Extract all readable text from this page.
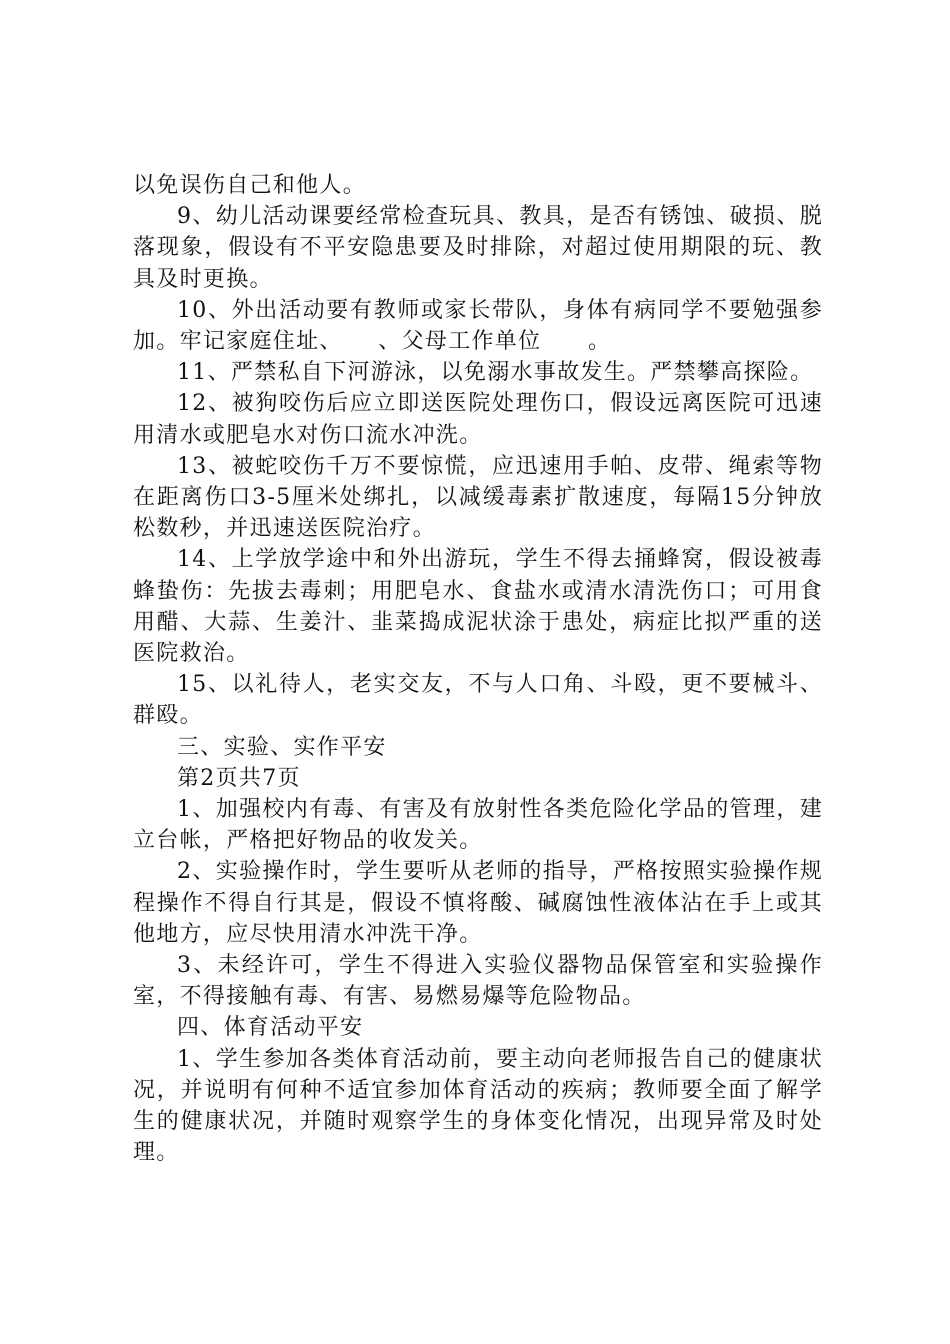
以免误伤自己和他人。

9、幼儿活动课要经常检查玩具、教具，是否有锈蚀、破损、脱落现象，假设有不平安隐患要及时排除，对超过使用期限的玩、教具及时更换。

10、外出活动要有教师或家长带队，身体有病同学不要勉强参加。牢记家庭住址、　　、父母工作单位　　。

11、严禁私自下河游泳，以免溺水事故发生。严禁攀高探险。

12、被狗咬伤后应立即送医院处理伤口，假设远离医院可迅速用清水或肥皂水对伤口流水冲洗。

13、被蛇咬伤千万不要惊慌，应迅速用手帕、皮带、绳索等物在距离伤口3-5厘米处绑扎，以减缓毒素扩散速度，每隔15分钟放松数秒，并迅速送医院治疗。

14、上学放学途中和外出游玩，学生不得去捅蜂窝，假设被毒蜂蛰伤：先拔去毒刺；用肥皂水、食盐水或清水清洗伤口；可用食用醋、大蒜、生姜汁、韭菜捣成泥状涂于患处，病症比拟严重的送医院救治。

15、以礼待人，老实交友，不与人口角、斗殴，更不要械斗、群殴。

三、实验、实作平安

第2页共7页

1、加强校内有毒、有害及有放射性各类危险化学品的管理，建立台帐，严格把好物品的收发关。

2、实验操作时，学生要听从老师的指导，严格按照实验操作规程操作不得自行其是，假设不慎将酸、碱腐蚀性液体沾在手上或其他地方，应尽快用清水冲洗干净。

3、未经许可，学生不得进入实验仪器物品保管室和实验操作室，不得接触有毒、有害、易燃易爆等危险物品。

四、体育活动平安

1、学生参加各类体育活动前，要主动向老师报告自己的健康状况，并说明有何种不适宜参加体育活动的疾病；教师要全面了解学生的健康状况，并随时观察学生的身体变化情况，出现异常及时处理。
